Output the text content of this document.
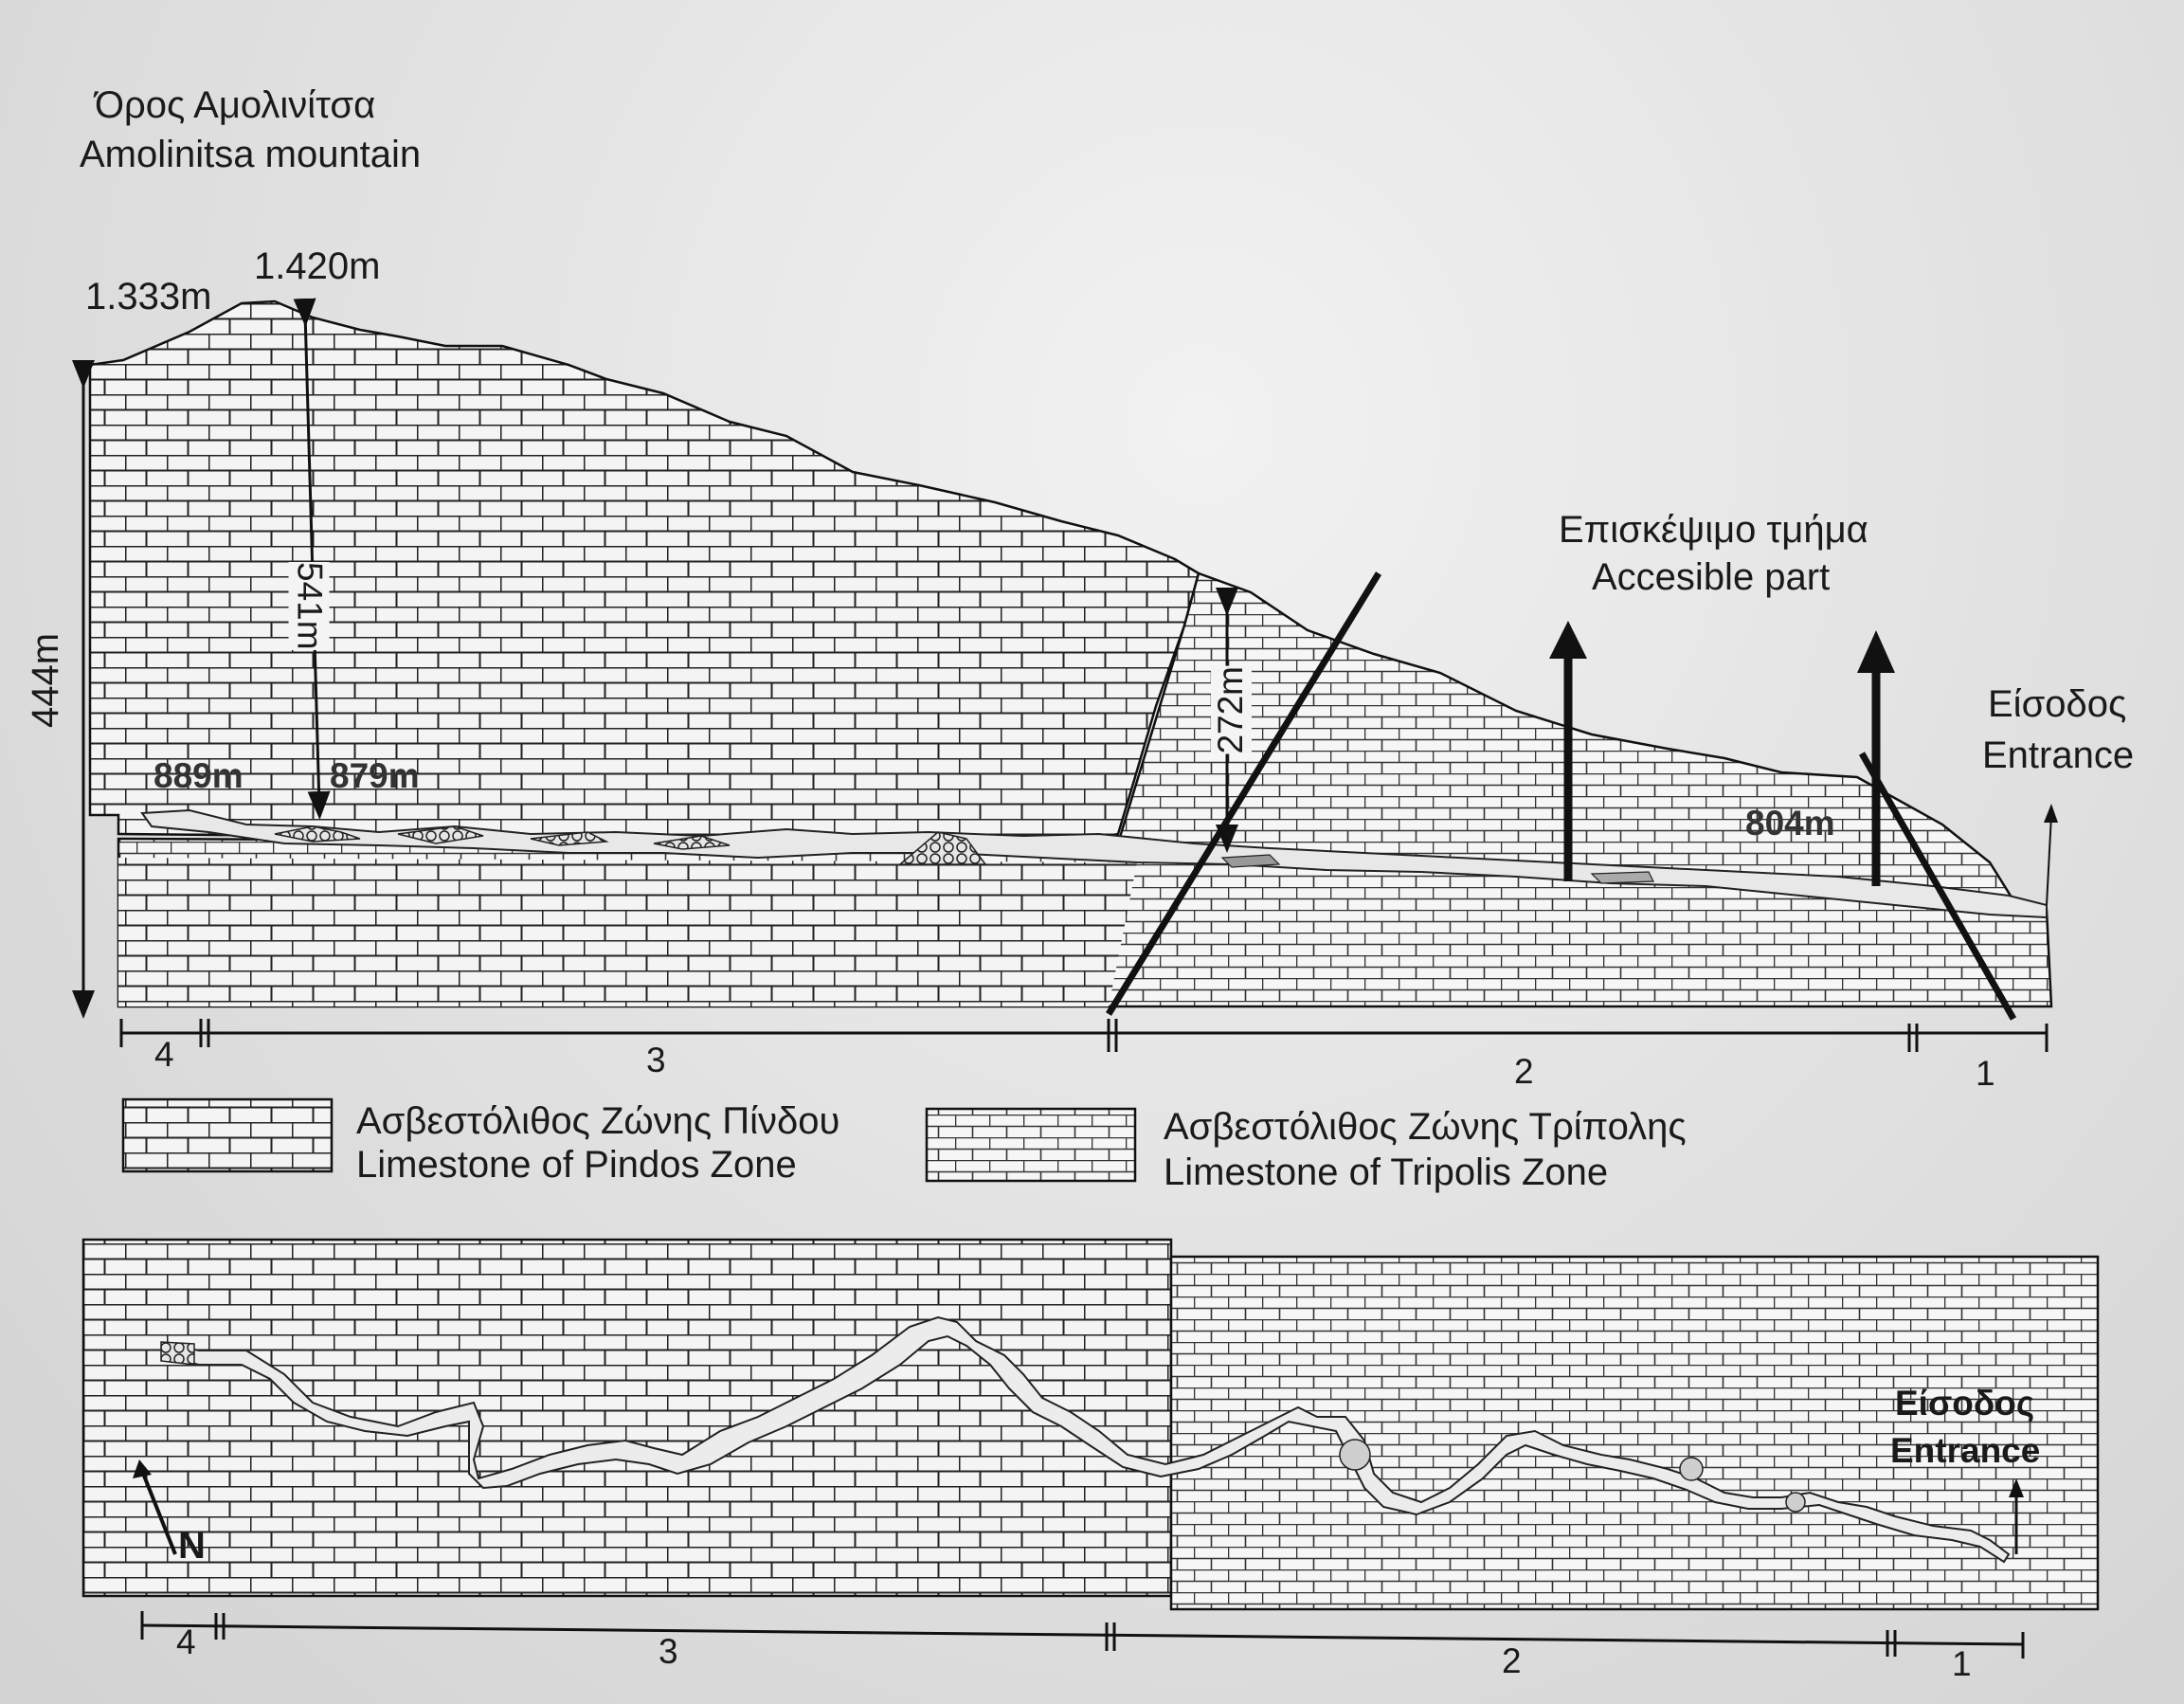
Όρος Αμολινίτσα
Amolinitsa mountain
1.333m
1.420m
889m 879m
804m
444m
541m
272m
Επισκέψιμο τμήμα
Accesible part
Είσοδος
Entrance
4	3	2	1
Ασβεστόλιθος Ζώνης Πίνδου
Limestone of Pindos Zone
Ασβεστόλιθος Ζώνης Τρίπολης
Limestone of Tripolis Zone
N
Είσοδος
Entrance
4	3	2	1
